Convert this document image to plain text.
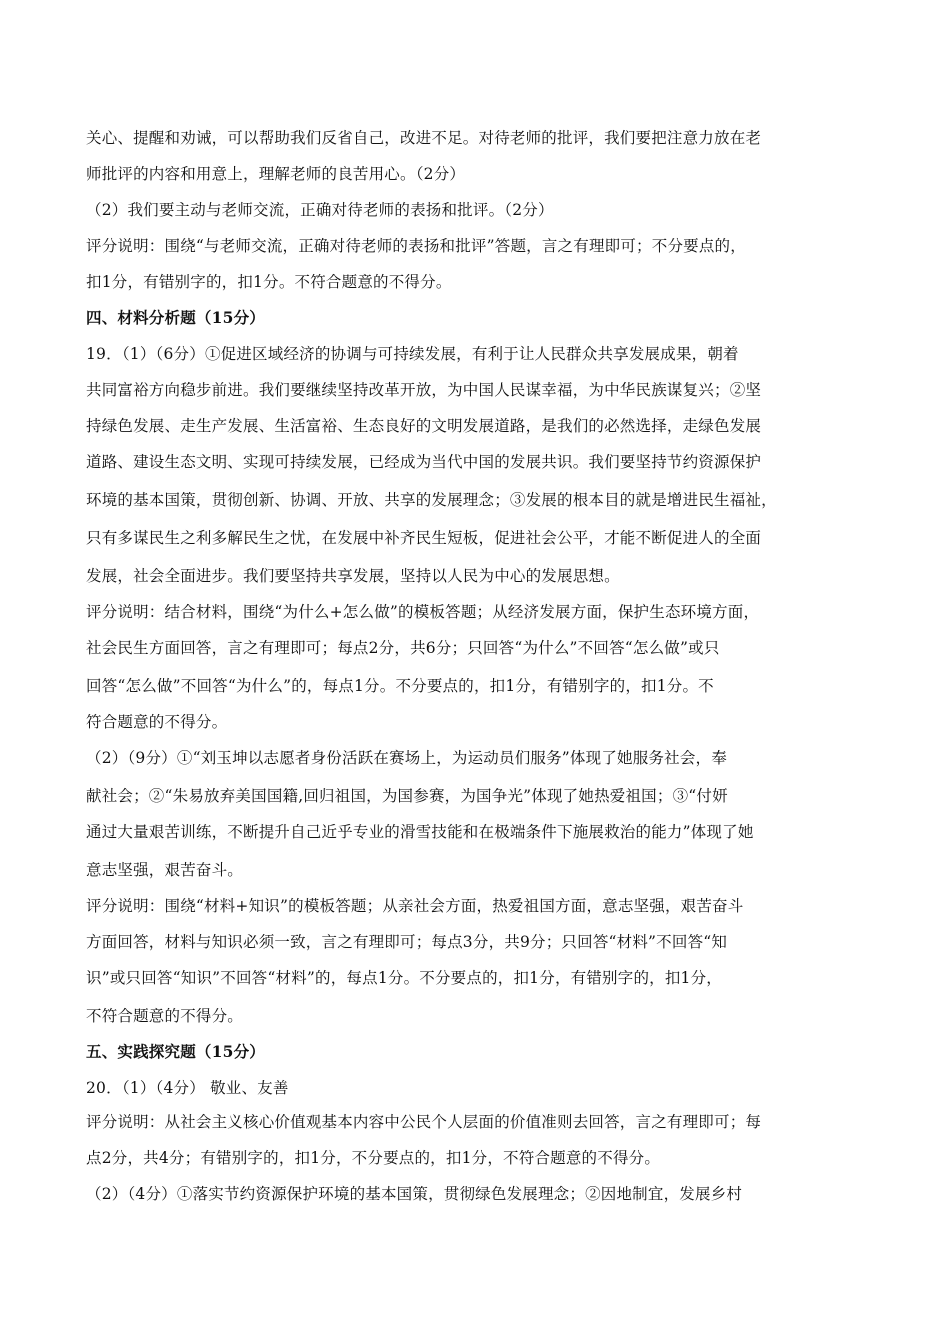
关心、提醒和劝诫，可以帮助我们反省自己，改进不足。对待老师的批评，我们要把注意力放在老
师批评的内容和用意上，理解老师的良苦用心。（2分）
（2）我们要主动与老师交流，正确对待老师的表扬和批评。（2分）
评分说明：围绕“与老师交流，正确对待老师的表扬和批评”答题，言之有理即可；不分要点的，
扣1分，有错别字的，扣1分。不符合题意的不得分。
四、材料分析题（15分）
19．（1）（6分）①促进区域经济的协调与可持续发展，有利于让人民群众共享发展成果，朝着
共同富裕方向稳步前进。我们要继续坚持改革开放，为中国人民谋幸福，为中华民族谋复兴；②坚
持绿色发展、走生产发展、生活富裕、生态良好的文明发展道路，是我们的必然选择，走绿色发展
道路、建设生态文明、实现可持续发展，已经成为当代中国的发展共识。我们要坚持节约资源保护
环境的基本国策，贯彻创新、协调、开放、共享的发展理念；③发展的根本目的就是增进民生福祉，
只有多谋民生之利多解民生之忧，在发展中补齐民生短板，促进社会公平，才能不断促进人的全面
发展，社会全面进步。我们要坚持共享发展，坚持以人民为中心的发展思想。
评分说明：结合材料，围绕“为什么+怎么做”的模板答题；从经济发展方面，保护生态环境方面，
社会民生方面回答，言之有理即可；每点2分，共6分；只回答“为什么”不回答“怎么做”或只
回答“怎么做”不回答“为什么”的，每点1分。不分要点的，扣1分，有错别字的，扣1分。不
符合题意的不得分。
（2）（9分）①“刘玉坤以志愿者身份活跃在赛场上，为运动员们服务”体现了她服务社会，奉
献社会；②“朱易放弃美国国籍,回归祖国，为国参赛，为国争光”体现了她热爱祖国；③“付妍
通过大量艰苦训练，不断提升自己近乎专业的滑雪技能和在极端条件下施展救治的能力”体现了她
意志坚强，艰苦奋斗。
评分说明：围绕“材料+知识”的模板答题；从亲社会方面，热爱祖国方面，意志坚强，艰苦奋斗
方面回答，材料与知识必须一致，言之有理即可；每点3分，共9分；只回答“材料”不回答“知
识”或只回答“知识”不回答“材料”的，每点1分。不分要点的，扣1分，有错别字的，扣1分，
不符合题意的不得分。
五、实践探究题（15分）
20．（1）（4分） 敬业、友善
评分说明：从社会主义核心价值观基本内容中公民个人层面的价值准则去回答，言之有理即可；每
点2分，共4分；有错别字的，扣1分，不分要点的，扣1分，不符合题意的不得分。
（2）（4分）①落实节约资源保护环境的基本国策，贯彻绿色发展理念；②因地制宜，发展乡村
